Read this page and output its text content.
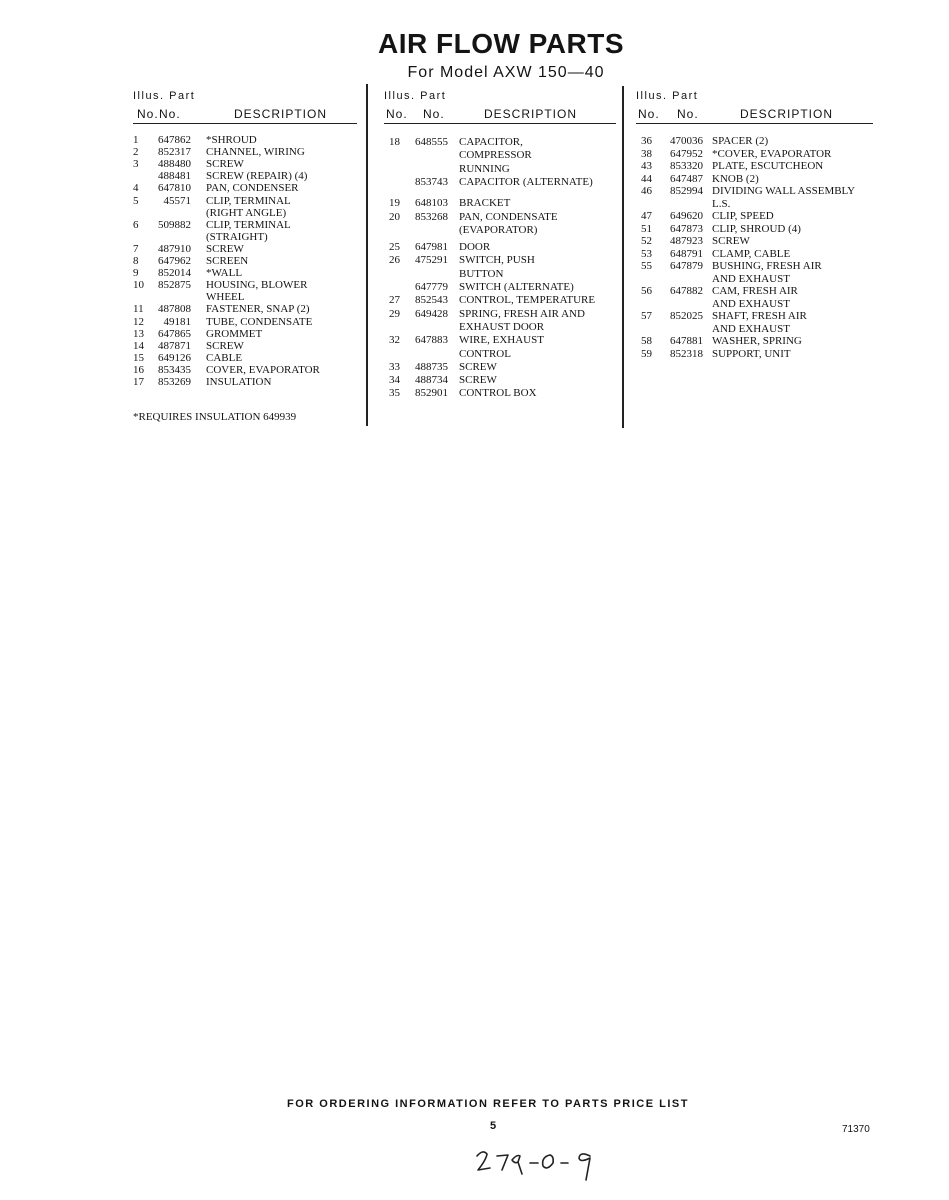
AIR FLOW PARTS
For Model AXW 150—40
Illus. Part
No. No.	DESCRIPTION
1	647862 *SHROUD
2	852317 CHANNEL, WIRING
3	488480 SCREW
488481 SCREW (REPAIR) (4)
4	647810 PAN, CONDENSER
5	45571 CLIP, TERMINAL
(RIGHT ANGLE)
6	509882 CLIP, TERMINAL
(STRAIGHT)
7	487910 SCREW
8	647962 SCREEN
9	852014 *WALL
10	852875 HOUSING, BLOWER
WHEEL
11	487808 FASTENER, SNAP (2)
12	49181 TUBE, CONDENSATE
13	647865 GROMMET
14	487871 SCREW
15	649126 CABLE
16	853435 COVER, EVAPORATOR
17	853269 INSULATION
Illus. Part
No. No.	DESCRIPTION
18	648555 CAPACITOR,
COMPRESSOR
RUNNING
853743 CAPACITOR (ALTERNATE)
19	648103 BRACKET
20	853268 PAN, CONDENSATE
(EVAPORATOR)
25	647981 DOOR
26	475291 SWITCH, PUSH
BUTTON
647779 SWITCH (ALTERNATE)
27	852543 CONTROL, TEMPERATURE
29	649428 SPRING, FRESH AIR AND
EXHAUST DOOR
32	647883 WIRE, EXHAUST
CONTROL
33	488735 SCREW
34	488734 SCREW
35	852901 CONTROL BOX
Illus. Part
No. No.	DESCRIPTION
36	470036 SPACER (2)
38	647952 *COVER, EVAPORATOR
43	853320 PLATE, ESCUTCHEON
44	647487 KNOB (2)
46	852994 DIVIDING WALL ASSEMBLY
L.S.
47	649620 CLIP, SPEED
51	647873 CLIP, SHROUD (4)
52	487923 SCREW
53	648791 CLAMP, CABLE
55	647879 BUSHING, FRESH AIR
AND EXHAUST
56	647882 CAM, FRESH AIR
AND EXHAUST
57	852025 SHAFT, FRESH AIR
AND EXHAUST
58	647881 WASHER, SPRING
59	852318 SUPPORT, UNIT
*REQUIRES INSULATION 649939
FOR ORDERING INFORMATION REFER TO PARTS PRICE LIST
5	71370
